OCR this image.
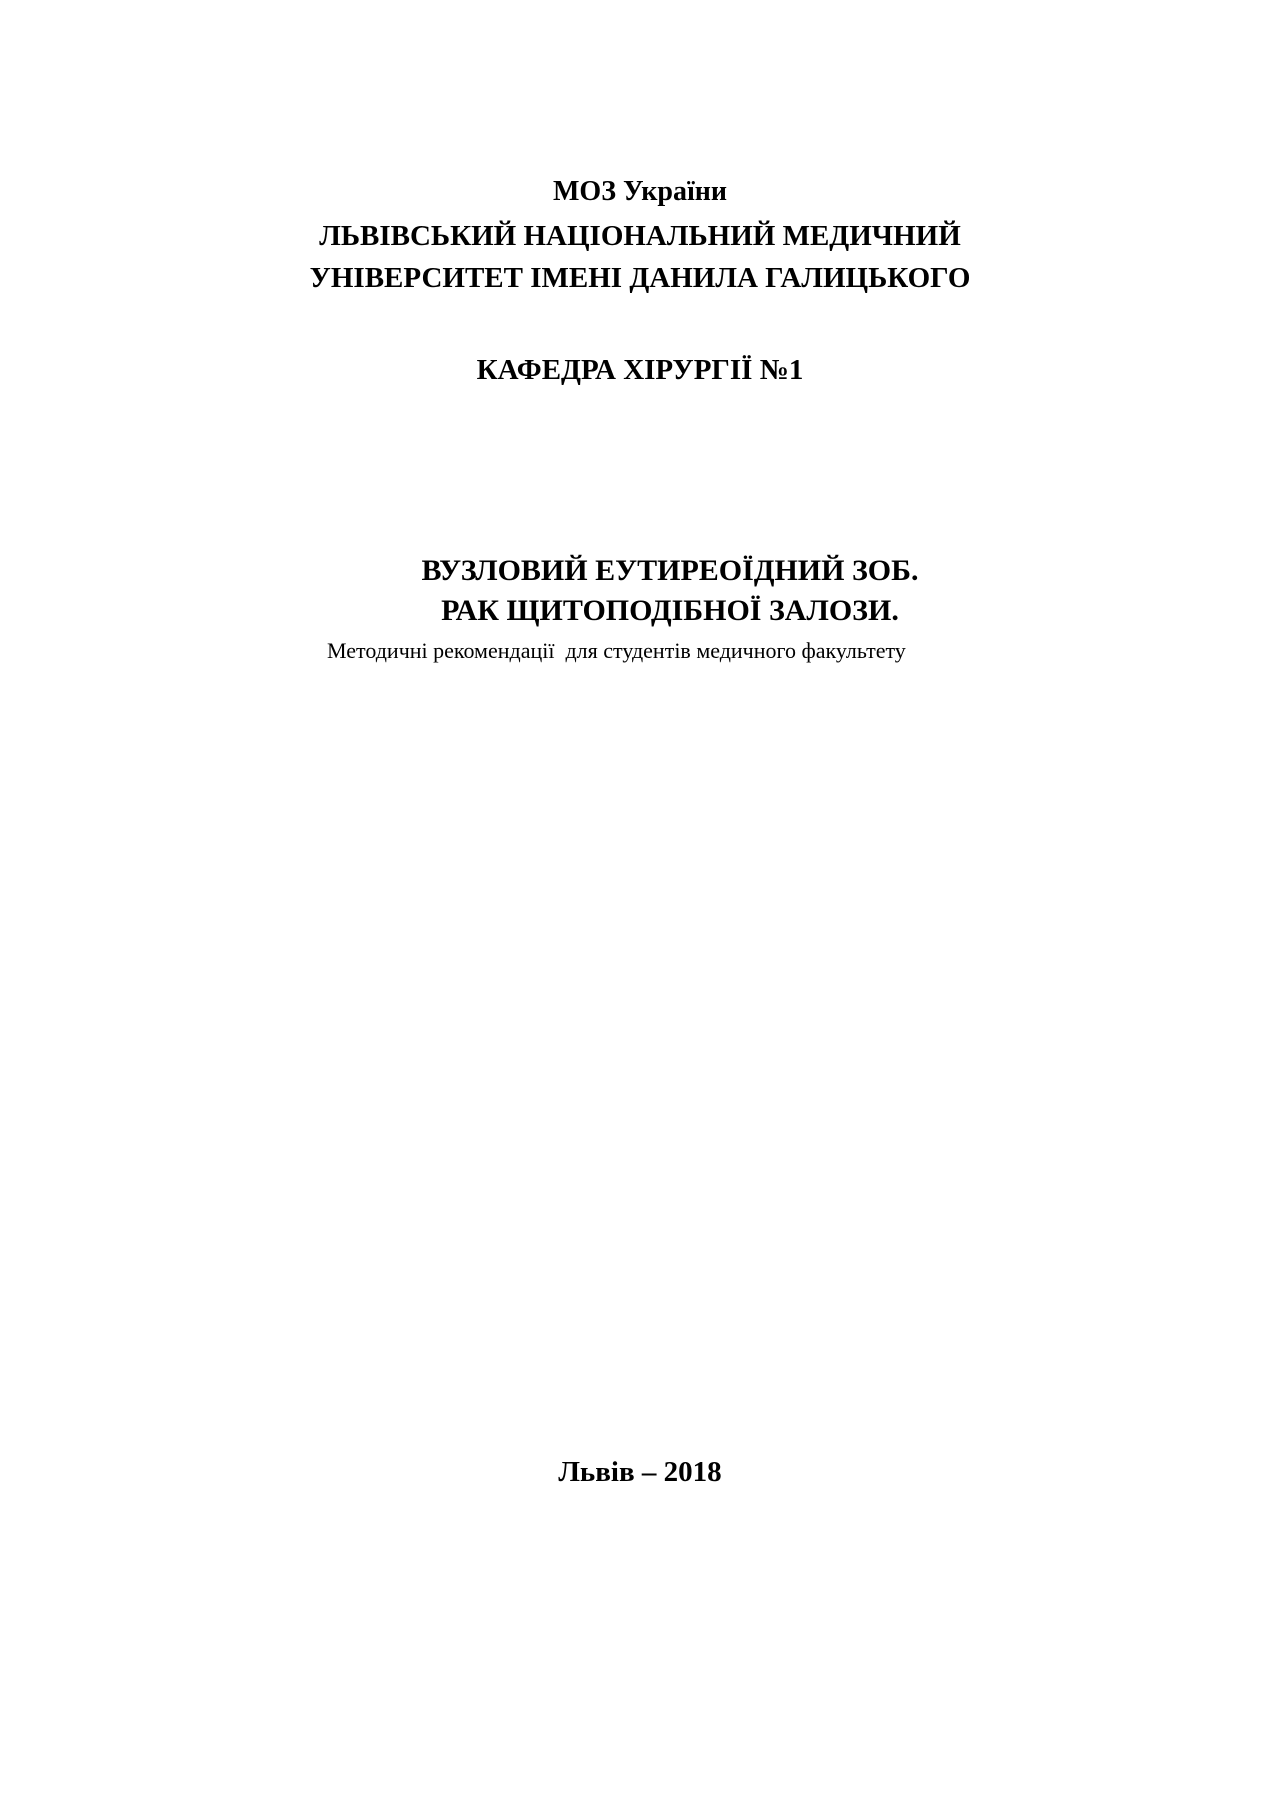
МОЗ України
ЛЬВІВСЬКИЙ НАЦІОНАЛЬНИЙ МЕДИЧНИЙ
УНІВЕРСИТЕТ ІМЕНІ ДАНИЛА ГАЛИЦЬКОГО
КАФЕДРА ХІРУРГІЇ №1
ВУЗЛОВИЙ ЕУТИРЕОЇДНИЙ ЗОБ.
РАК ЩИТОПОДІБНОЇ ЗАЛОЗИ.
Методичні рекомендації  для студентів медичного факультету
Львів – 2018
